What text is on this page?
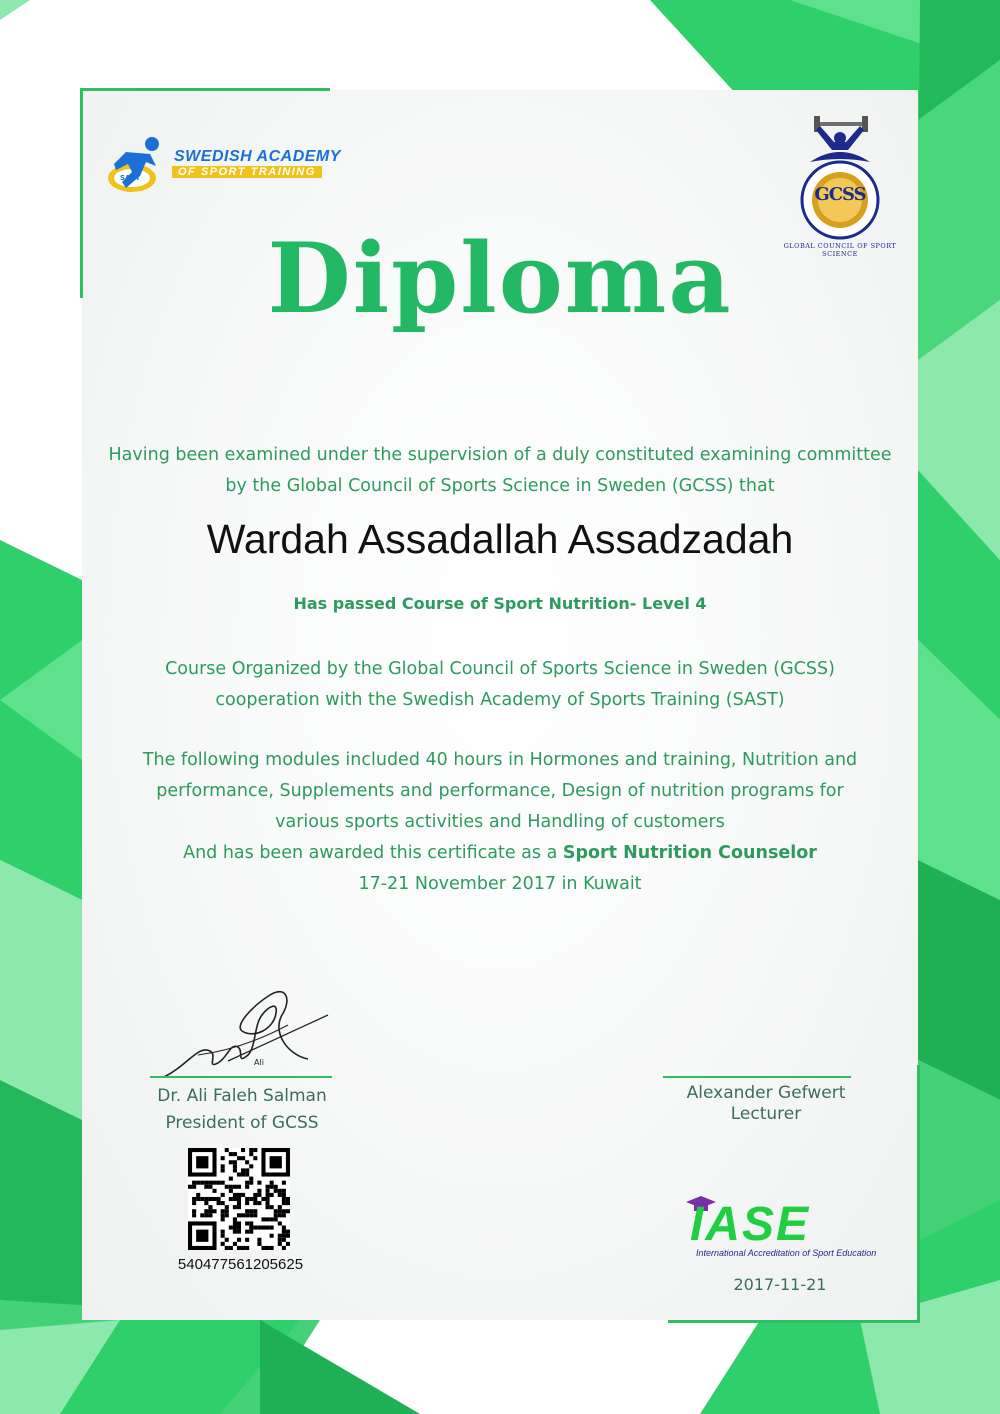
SAST
SWEDISH ACADEMY
OF SPORT TRAINING
GCSS
GLOBAL COUNCIL OF SPORT SCIENCE
Diploma
Having been examined under the supervision of a duly constituted examining committee
by the Global Council of Sports Science in Sweden (GCSS) that
Wardah Assadallah Assadzadah
Has passed Course of Sport Nutrition- Level 4
Course Organized by the Global Council of Sports Science in Sweden (GCSS)
cooperation with the Swedish Academy of Sports Training (SAST)
The following modules included 40 hours in Hormones and training, Nutrition and
performance, Supplements and performance, Design of nutrition programs for
various sports activities and Handling of customers
And has been awarded this certificate as a Sport Nutrition Counselor
17-21 November 2017 in Kuwait
Ali
Dr. Ali Faleh Salman
President of GCSS
Alexander Gefwert
Lecturer
540477561205625
IASE
International Accreditation of Sport Education
2017-11-21
